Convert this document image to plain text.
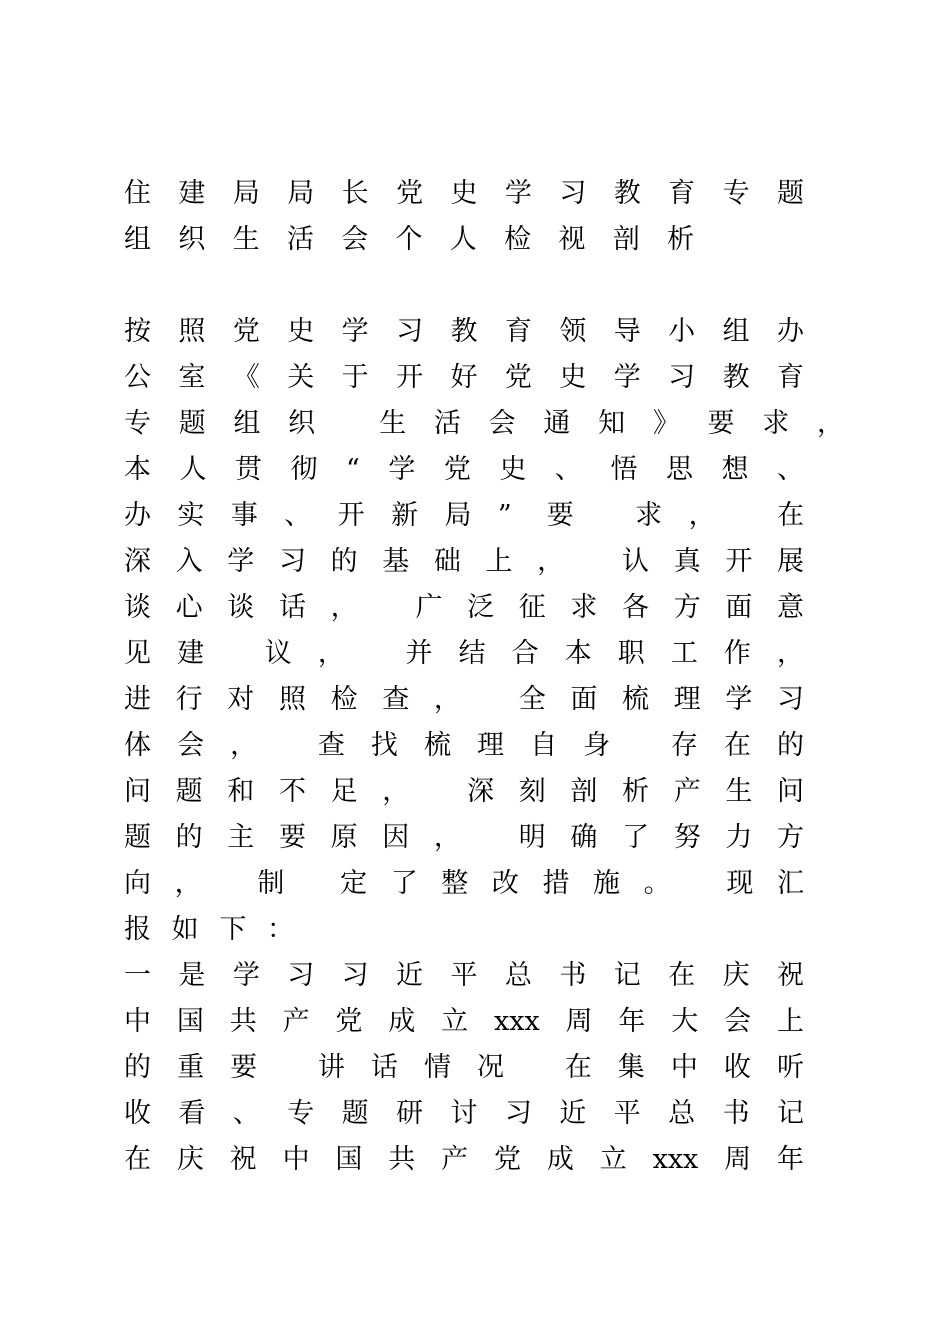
住建局局长党史学习教育专题
组织生活会个人检视剖析
按照党史学习教育领导小组办
公室《关于开好党史学习教育
专题组织 生活会通知》要求，
本人贯彻“学党史、悟思想、
办实事、开新局” 要 求， 在
深入学习的基础上， 认真开展
谈心谈话， 广泛征求各方面意
见建 议， 并结合本职工作，
进行对照检查， 全面梳理学习
体会， 查找梳理自身 存在的
问题和不足， 深刻剖析产生问
题的主要原因， 明确了努力方
向， 制 定了整改措施。 现汇
报如下：
一是学习习近平总书记在庆祝
中国共产党成立xxx周年大会上
的重要 讲话情况 在集中收听
收看、专题研讨习近平总书记
在庆祝中国共产党成立xxx周年
